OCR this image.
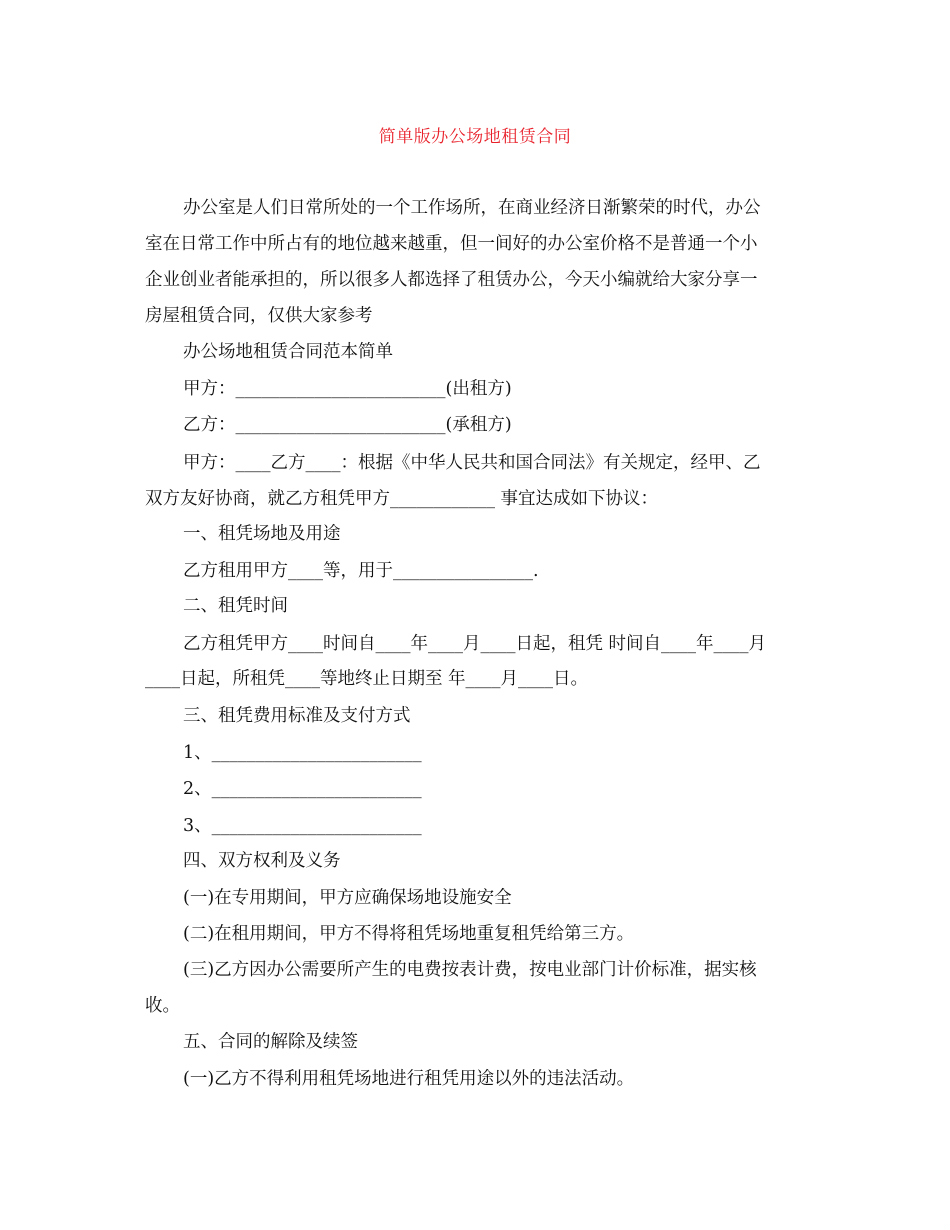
简单版办公场地租赁合同
办公室是人们日常所处的一个工作场所，在商业经济日渐繁荣的时代，办公
室在日常工作中所占有的地位越来越重，但一间好的办公室价格不是普通一个小
企业创业者能承担的，所以很多人都选择了租赁办公，今天小编就给大家分享一
房屋租赁合同，仅供大家参考
办公场地租赁合同范本简单
甲方：________________________(出租方)
乙方：________________________(承租方)
甲方：____乙方____：根据《中华人民共和国合同法》有关规定，经甲、乙
双方友好协商，就乙方租凭甲方____________ 事宜达成如下协议：
一、租凭场地及用途
乙方租用甲方____等，用于________________.
二、租凭时间
乙方租凭甲方____时间自____年____月____日起，租凭 时间自____年____月
____日起，所租凭____等地终止日期至 年____月____日。
三、租凭费用标准及支付方式
1、________________________
2、________________________
3、________________________
四、双方权利及义务
(一)在专用期间，甲方应确保场地设施安全
(二)在租用期间，甲方不得将租凭场地重复租凭给第三方。
(三)乙方因办公需要所产生的电费按表计费，按电业部门计价标准，据实核
收。
五、合同的解除及续签
(一)乙方不得利用租凭场地进行租凭用途以外的违法活动。
